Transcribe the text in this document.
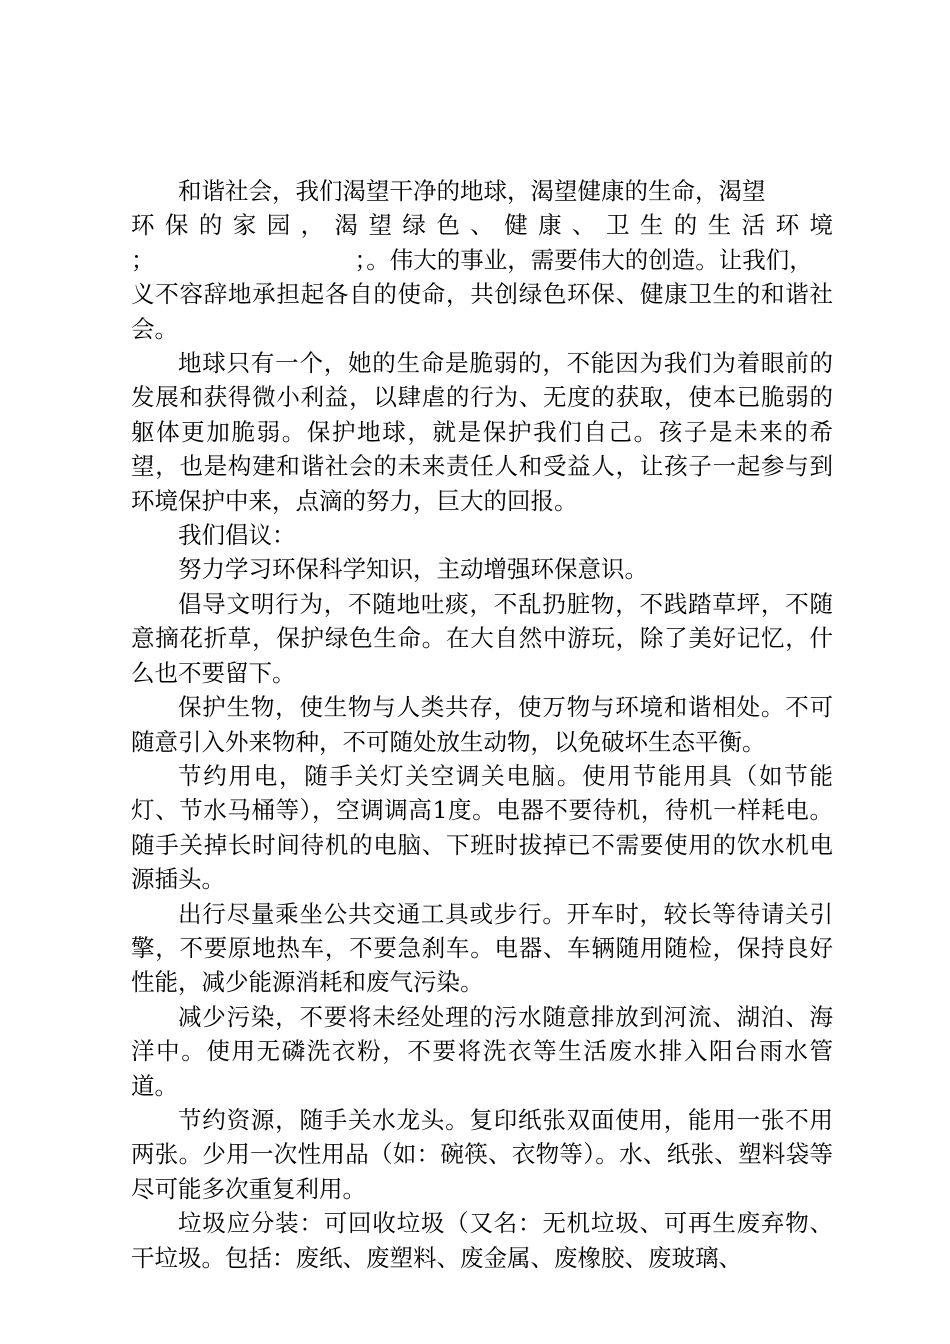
和谐社会，我们渴望干净的地球，渴望健康的生命，渴望

环保的家园，渴望绿色、健康、卫生的生活环境
；	；。伟大的事业，需要伟大的创造。让我们，
义不容辞地承担起各自的使命，共创绿色环保、健康卫生的和谐社会。

地球只有一个，她的生命是脆弱的，不能因为我们为着眼前的发展和获得微小利益，以肆虐的行为、无度的获取，使本已脆弱的躯体更加脆弱。保护地球，就是保护我们自己。孩子是未来的希望，也是构建和谐社会的未来责任人和受益人，让孩子一起参与到环境保护中来，点滴的努力，巨大的回报。

我们倡议：

努力学习环保科学知识，主动增强环保意识。

倡导文明行为，不随地吐痰，不乱扔脏物，不践踏草坪，不随意摘花折草，保护绿色生命。在大自然中游玩，除了美好记忆，什么也不要留下。

保护生物，使生物与人类共存，使万物与环境和谐相处。不可随意引入外来物种，不可随处放生动物，以免破坏生态平衡。

节约用电，随手关灯关空调关电脑。使用节能用具（如节能灯、节水马桶等），空调调高1度。电器不要待机，待机一样耗电。随手关掉长时间待机的电脑、下班时拔掉已不需要使用的饮水机电源插头。

出行尽量乘坐公共交通工具或步行。开车时，较长等待请关引擎，不要原地热车，不要急刹车。电器、车辆随用随检，保持良好性能，减少能源消耗和废气污染。

减少污染，不要将未经处理的污水随意排放到河流、湖泊、海洋中。使用无磷洗衣粉，不要将洗衣等生活废水排入阳台雨水管道。

节约资源，随手关水龙头。复印纸张双面使用，能用一张不用两张。少用一次性用品（如：碗筷、衣物等）。水、纸张、塑料袋等尽可能多次重复利用。

垃圾应分装：可回收垃圾（又名：无机垃圾、可再生废弃物、干垃圾。包括：废纸、废塑料、废金属、废橡胶、废玻璃、
